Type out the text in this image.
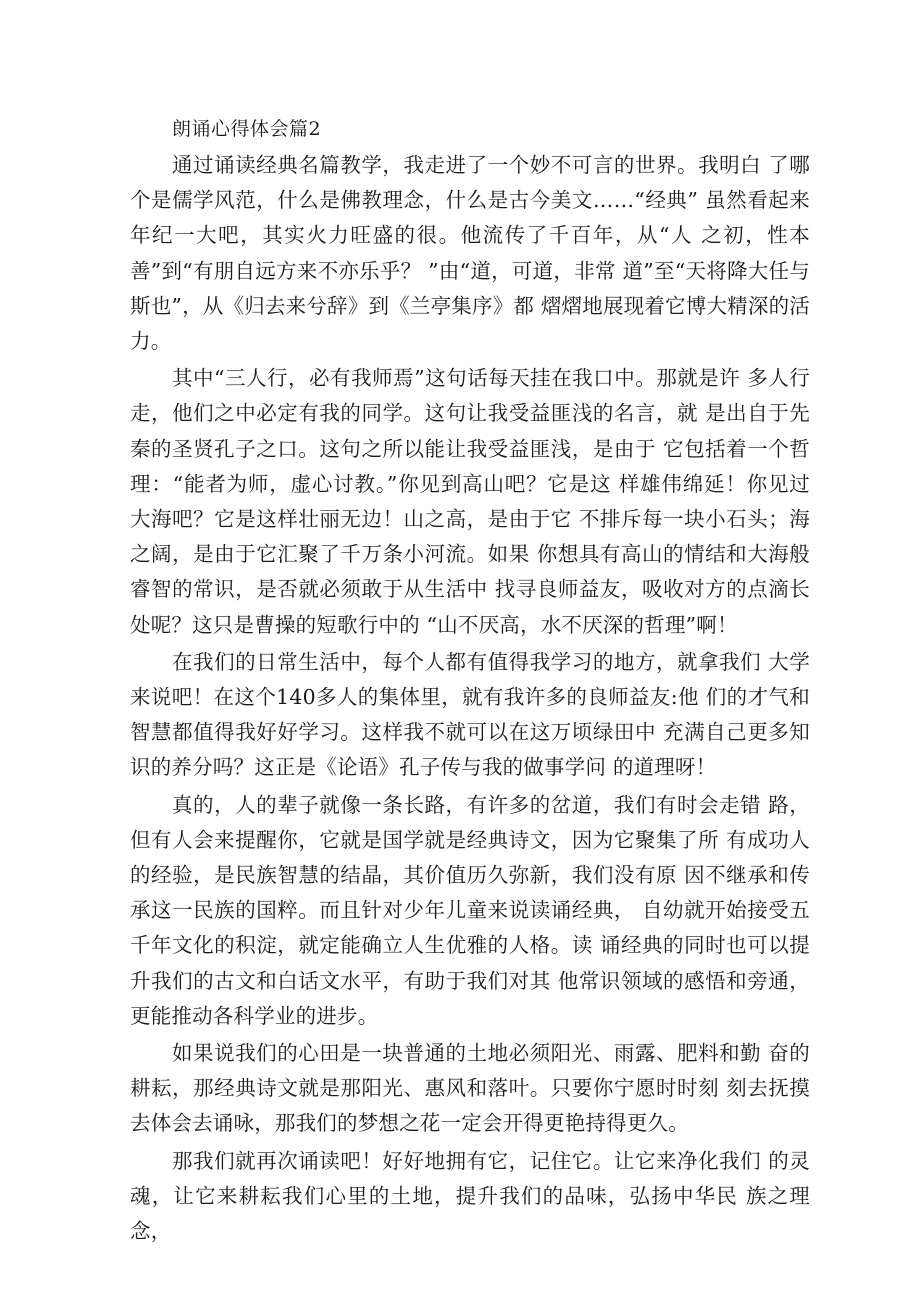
朗诵心得体会篇2

通过诵读经典名篇教学，我走进了一个妙不可言的世界。我明白 了哪个是儒学风范，什么是佛教理念，什么是古今美文……“经典” 虽然看起来年纪一大吧，其实火力旺盛的很。他流传了千百年，从“人 之初，性本善”到“有朋自远方来不亦乐乎？ ”由“道，可道，非常 道”至“天将降大任与斯也”，从《归去来兮辞》到《兰亭集序》都 熠熠地展现着它博大精深的活力。

其中“三人行，必有我师焉”这句话每天挂在我口中。那就是许 多人行走，他们之中必定有我的同学。这句让我受益匪浅的名言，就 是出自于先秦的圣贤孔子之口。这句之所以能让我受益匪浅，是由于 它包括着一个哲理：“能者为师，虚心讨教。”你见到高山吧？它是这 样雄伟绵延！你见过大海吧？它是这样壮丽无边！山之高，是由于它 不排斥每一块小石头；海之阔，是由于它汇聚了千万条小河流。如果 你想具有高山的情结和大海般睿智的常识，是否就必须敢于从生活中 找寻良师益友，吸收对方的点滴长处呢？这只是曹操的短歌行中的 “山不厌高，水不厌深的哲理”啊！

在我们的日常生活中，每个人都有值得我学习的地方，就拿我们 大学来说吧！在这个140多人的集体里，就有我许多的良师益友:他 们的才气和智慧都值得我好好学习。这样我不就可以在这万顷绿田中 充满自己更多知识的养分吗？这正是《论语》孔子传与我的做事学问 的道理呀！

真的，人的辈子就像一条长路，有许多的岔道，我们有时会走错 路，但有人会来提醒你，它就是国学就是经典诗文，因为它聚集了所 有成功人的经验，是民族智慧的结晶，其价值历久弥新，我们没有原 因不继承和传承这一民族的国粹。而且针对少年儿童来说读诵经典， 自幼就开始接受五千年文化的积淀，就定能确立人生优雅的人格。读 诵经典的同时也可以提升我们的古文和白话文水平，有助于我们对其 他常识领域的感悟和旁通，更能推动各科学业的进步。

如果说我们的心田是一块普通的土地必须阳光、雨露、肥料和勤 奋的耕耘，那经典诗文就是那阳光、惠风和落叶。只要你宁愿时时刻 刻去抚摸去体会去诵咏，那我们的梦想之花一定会开得更艳持得更久。

那我们就再次诵读吧！好好地拥有它，记住它。让它来净化我们 的灵魂，让它来耕耘我们心里的土地，提升我们的品味，弘扬中华民 族之理念，
